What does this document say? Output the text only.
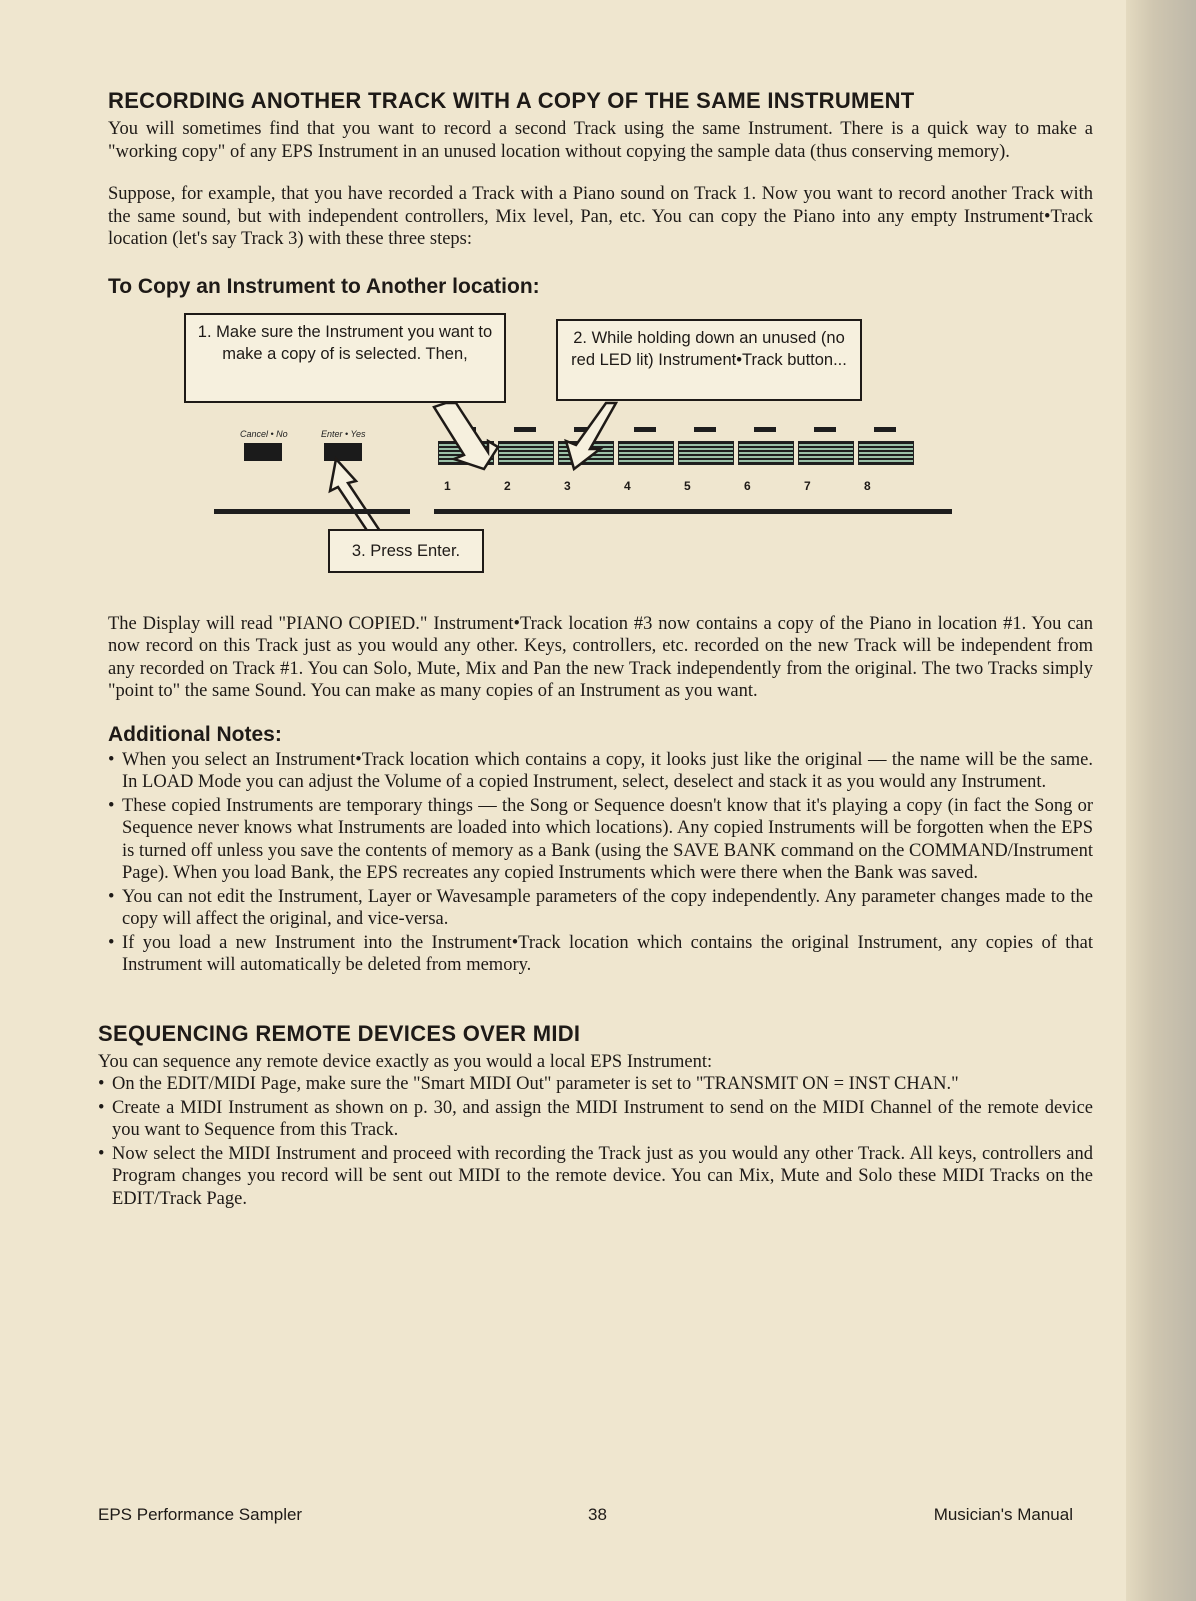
RECORDING ANOTHER TRACK WITH A COPY OF THE SAME INSTRUMENT

You will sometimes find that you want to record a second Track using the same Instrument. There is a quick way to make a "working copy" of any EPS Instrument in an unused location without copying the sample data (thus conserving memory).

Suppose, for example, that you have recorded a Track with a Piano sound on Track 1. Now you want to record another Track with the same sound, but with independent controllers, Mix level, Pan, etc. You can copy the Piano into any empty Instrument•Track location (let's say Track 3) with these three steps:

To Copy an Instrument to Another location:
1. Make sure the Instrument you want to make a copy of is selected. Then,
2. While holding down an unused (no red LED lit) Instrument•Track button...
Cancel • No	Enter • Yes
1	2	3	4	5	6	7	8
3. Press Enter.

The Display will read "PIANO COPIED." Instrument•Track location #3 now contains a copy of the Piano in location #1. You can now record on this Track just as you would any other. Keys, controllers, etc. recorded on the new Track will be independent from any recorded on Track #1. You can Solo, Mute, Mix and Pan the new Track independently from the original. The two Tracks simply "point to" the same Sound. You can make as many copies of an Instrument as you want.

Additional Notes:
• When you select an Instrument•Track location which contains a copy, it looks just like the original — the name will be the same. In LOAD Mode you can adjust the Volume of a copied Instrument, select, deselect and stack it as you would any Instrument.
• These copied Instruments are temporary things — the Song or Sequence doesn't know that it's playing a copy (in fact the Song or Sequence never knows what Instruments are loaded into which locations). Any copied Instruments will be forgotten when the EPS is turned off unless you save the contents of memory as a Bank (using the SAVE BANK command on the COMMAND/Instrument Page). When you load Bank, the EPS recreates any copied Instruments which were there when the Bank was saved.
• You can not edit the Instrument, Layer or Wavesample parameters of the copy independently. Any parameter changes made to the copy will affect the original, and vice-versa.
• If you load a new Instrument into the Instrument•Track location which contains the original Instrument, any copies of that Instrument will automatically be deleted from memory.
SEQUENCING REMOTE DEVICES OVER MIDI

You can sequence any remote device exactly as you would a local EPS Instrument:

• On the EDIT/MIDI Page, make sure the "Smart MIDI Out" parameter is set to "TRANSMIT ON = INST CHAN."
• Create a MIDI Instrument as shown on p. 30, and assign the MIDI Instrument to send on the MIDI Channel of the remote device you want to Sequence from this Track.
• Now select the MIDI Instrument and proceed with recording the Track just as you would any other Track. All keys, controllers and Program changes you record will be sent out MIDI to the remote device. You can Mix, Mute and Solo these MIDI Tracks on the EDIT/Track Page.
EPS Performance Sampler	38	Musician's Manual
